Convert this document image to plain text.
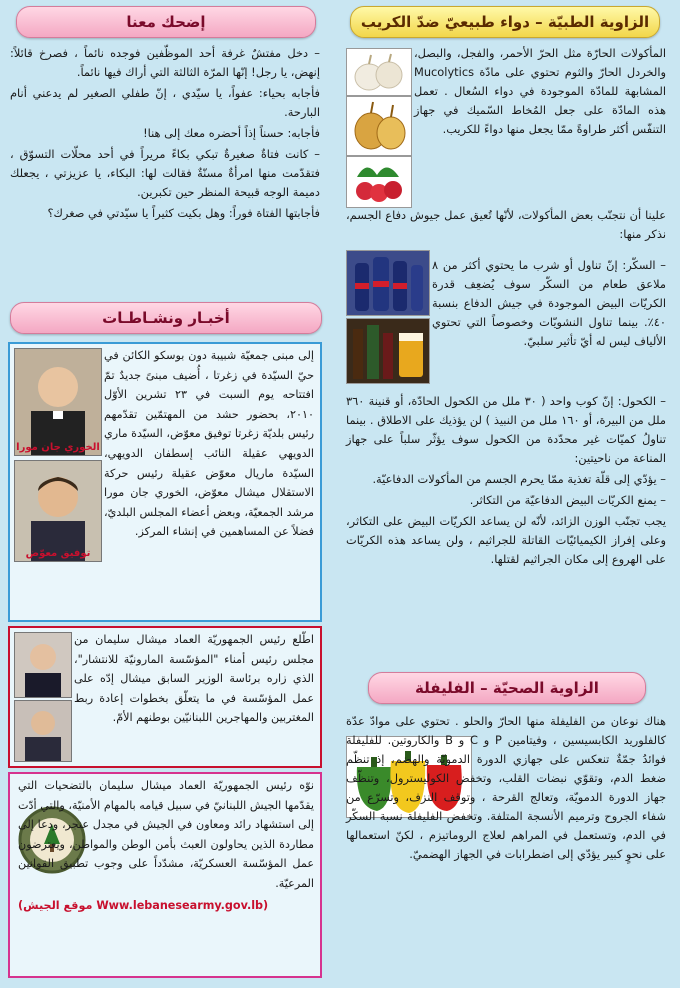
الزاوية الطبيّة – دواء طبيعيّ ضدّ الكريب

المأكولات الحارّة مثل الحرّ الأحمر، والفجل، والبصل، والخردل الحارّ والثوم تحتوي على مادّة Mucolytics المشابهة للمادّة الموجودة في دواء السُعال . تعمل هذه المادّة على جعل المُخاط السّميك في جهاز التنفّس أكثر طراوةً ممّا يجعل منها دواءً للكريب.

علينا أن نتجنّب بعض المأكولات، لأنّها تُعيق عمل جيوش دفاع الجسم، نذكر منها:

– السكّر: إنّ تناول أو شرب ما يحتوي أكثر من ٨ ملاعق طعام من السكّر سوف يُضعِف قدرة الكريّات البيض الموجودة في جيش الدفاع بنسبة ٤٠٪. بينما تناول النشويّات وخصوصاً التي تحتوي الألياف ليس له أيّ تأثير سلبيّ.

– الكحول: إنّ كوب واحد ( ٣٠ ملل من الكحول الحادّة، أو قنينة ٣٦٠ ملل من البيرة، أو ١٦٠ ملل من النبيذ ) لن يؤذيك على الاطلاق . بينما تناولُ كميّات غير محدّدة من الكحول سوف يؤثّر سلباً على جهاز المناعة من ناحيتين:

– يؤدّي إلى قلّة تغذية ممّا يحرم الجسم من المأكولات الدفاعيّة.

– يمنع الكريّات البيض الدفاعيّة من التكاثر.

يجب تجنّب الوزن الزائد، لأنّه لن يساعد الكريّات البيض على التكاثر، وعلى إفراز الكيميائيّات القاتلة للجراثيم ، ولن يساعد هذه الكريّات على الهروع إلى مكان الجراثيم لقتلها.

الزاوية الصحيّة – الفليفلة

هناك نوعان من الفليفلة منها الحارّ والحلو . تحتوي على موادّ عدّة كالفلوريد الكابسيسين ، وفيتامين P و C و B والكاروتين. للفليفلة فوائدُ جمّةٌ تنعكس على جهازي الدورة الدمويّة والهضم، إذ تنظّم ضغط الدم، وتقوّي نبضات القلب، وتخفض الكوليسترول، وتنظّف جهاز الدورة الدمويّة، وتعالج القرحة ، وتوقف النزف، وتسرّع من شفاء الجروح وترميم الأنسجة المتلفة. وتخفض الفليفلة نسبة السكّر في الدم، وتستعمل في المراهم لعلاج الروماتيزم ، لكنّ استعمالها على نحوٍ كبير يؤدّي إلى اضطرابات في الجهاز الهضميّ.

إضحك معنا

– دخل مفتشٌ غرفة أحد الموظّفين فوجده نائماً ، فصرخ قائلاً: إنهض، يا رجل! إنّها المرّة الثالثة التي أراك فيها نائماً.

فأجابه بحياء: عفواً، يا سيّدي ، إنّ طفلي الصغير لم يدعني أنام البارحة.

فأجابه: حسناً إذاً أحضره معك إلى هنا!

– كانت فتاةٌ صغيرةٌ تبكي بكاءً مريراً في أحد محلّات التسوّق ، فتقدّمت منها امرأةٌ مسنّةٌ فقالت لها: البكاء، يا عزيزتي ، يجعلك دميمة الوجه قبيحة المنظر حين تكبرين.

فأجابتها الفتاة فوراً: وهل بكيت كثيراً يا سيّدتي في صغرك؟

أخبـار ونشـاطـات
الخوري جان مورا
توفيق معوّض

إلى مبنى جمعيّة شبيبة دون بوسكو الكائن في حيّ السيّدة في زغرتا ، أُضيف مبنىً جديدٌ تمّ افتتاحه يوم السبت في ٢٣ تشرين الأوّل ٢٠١٠، بحضور حشد من المهتمّين تقدّمهم رئيس بلديّة زغرتا توفيق معوّض، السيّدة ماري الدويهي عقيلة النائب إسطفان الدويهي، السيّدة ماريال معوّض عقيلة رئيس حركة الاستقلال ميشال معوّض، الخوري جان مورا مرشد الجمعيّة، وبعض أعضاء المجلس البلديّ، فضلاً عن المساهمين في إنشاء المركز.

اطّلع رئيس الجمهوريّة العماد ميشال سليمان من مجلس رئيس أمناء "المؤسّسة المارونيّة للانتشار"، الذي زاره برئاسة الوزير السابق ميشال إدّه على عمل المؤسّسة في ما يتعلّق بخطوات إعادة ربط المغتربين والمهاجرين اللبنانيّين بوطنهم الأمّ.

نوّه رئيس الجمهوريّة العماد ميشال سليمان بالتضحيات التي يقدّمها الجيش اللبنانيّ في سبيل قيامه بالمهام الأمنيّة، والتي أدّت إلى استشهاد رائد ومعاون في الجيش في مجدل عنجر، ودعا إلى مطاردة الذين يحاولون العبث بأمن الوطن والمواطن، ويعترضون عمل المؤسّسة العسكريّة، مشدّداً على وجوب تطبيق القوانين المرعيّة.

(موقع الجيش Www.lebanesearmy.gov.lb)
